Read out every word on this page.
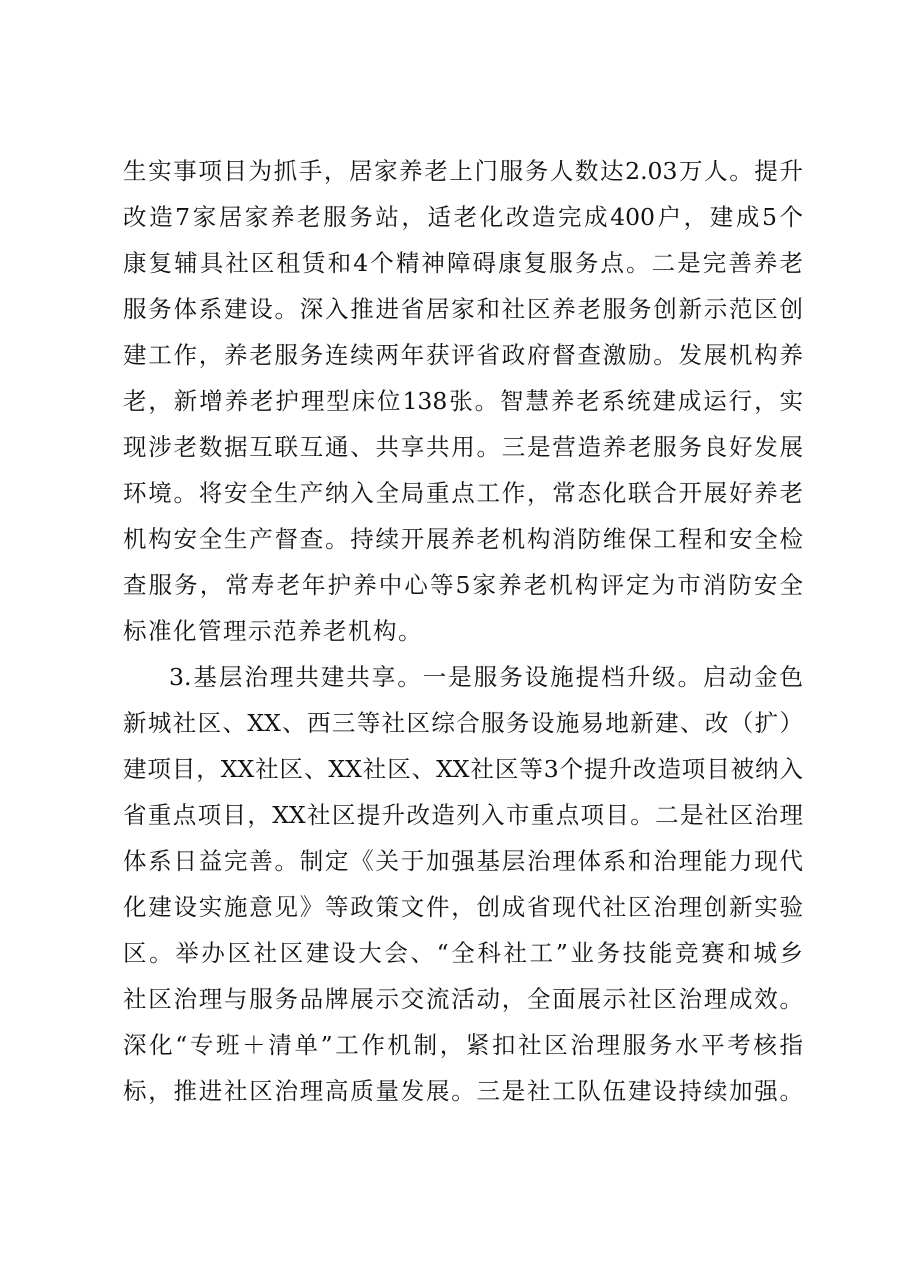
生实事项目为抓手，居家养老上门服务人数达2.03万人。提升
改造7家居家养老服务站，适老化改造完成400户，建成5个
康复辅具社区租赁和4个精神障碍康复服务点。二是完善养老
服务体系建设。深入推进省居家和社区养老服务创新示范区创
建工作，养老服务连续两年获评省政府督查激励。发展机构养
老，新增养老护理型床位138张。智慧养老系统建成运行，实
现涉老数据互联互通、共享共用。三是营造养老服务良好发展
环境。将安全生产纳入全局重点工作，常态化联合开展好养老
机构安全生产督查。持续开展养老机构消防维保工程和安全检
查服务，常寿老年护养中心等5家养老机构评定为市消防安全
标准化管理示范养老机构。
3.基层治理共建共享。一是服务设施提档升级。启动金色
新城社区、XX、西三等社区综合服务设施易地新建、改（扩）
建项目，XX社区、XX社区、XX社区等3个提升改造项目被纳入
省重点项目，XX社区提升改造列入市重点项目。二是社区治理
体系日益完善。制定《关于加强基层治理体系和治理能力现代
化建设实施意见》等政策文件，创成省现代社区治理创新实验
区。举办区社区建设大会、“全科社工”业务技能竞赛和城乡
社区治理与服务品牌展示交流活动，全面展示社区治理成效。
深化“专班＋清单”工作机制，紧扣社区治理服务水平考核指
标，推进社区治理高质量发展。三是社工队伍建设持续加强。
